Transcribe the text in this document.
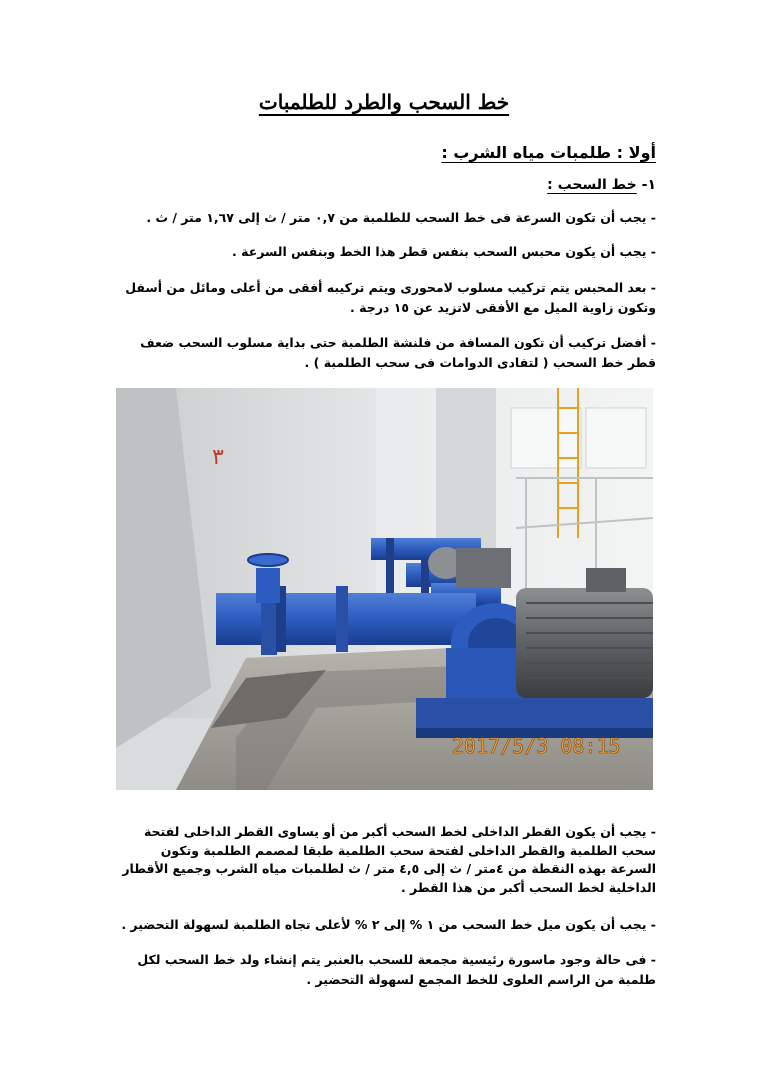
خط السحب والطرد للطلمبات
أولا : طلمبات مياه الشرب :
١- خط السحب :

- يجب أن تكون السرعة فى خط السحب للطلمبة من ٠,٧ متر / ث إلى ١,٦٧ متر / ث .

- يجب أن يكون محبس السحب بنفس قطر هذا الخط وبنفس السرعة .

- بعد المحبس يتم تركيب مسلوب لامحورى ويتم تركيبه أفقى من أعلى ومائل من أسفل وتكون زاوية الميل مع الأفقى لاتزيد عن ١٥ درجة .

- أفضل تركيب أن تكون المسافة من فلنشة الطلمبة حتى بداية مسلوب السحب ضعف قطر خط السحب ( لتفادى الدوامات فى سحب الطلمبة ) .

٣
2017/5/3 08:15

- يجب أن يكون القطر الداخلى لخط السحب أكبر من أو يساوى القطر الداخلى لفتحة سحب الطلمبة والقطر الداخلى لفتحة سحب الطلمبة طبقا لمصمم الطلمبة وتكون السرعة بهذه النقطة من ٤متر / ث إلى ٤,٥ متر / ث لطلمبات مياه الشرب وجميع الأقطار الداخلية لخط السحب أكبر من هذا القطر .

- يجب أن يكون ميل خط السحب من ١ % إلى ٢ % لأعلى تجاه الطلمبة لسهولة التحضير .

- فى حالة وجود ماسورة رئيسية مجمعة للسحب بالعنبر يتم إنشاء ولد خط السحب لكل طلمبة من الراسم العلوى للخط المجمع لسهولة التحضير .
